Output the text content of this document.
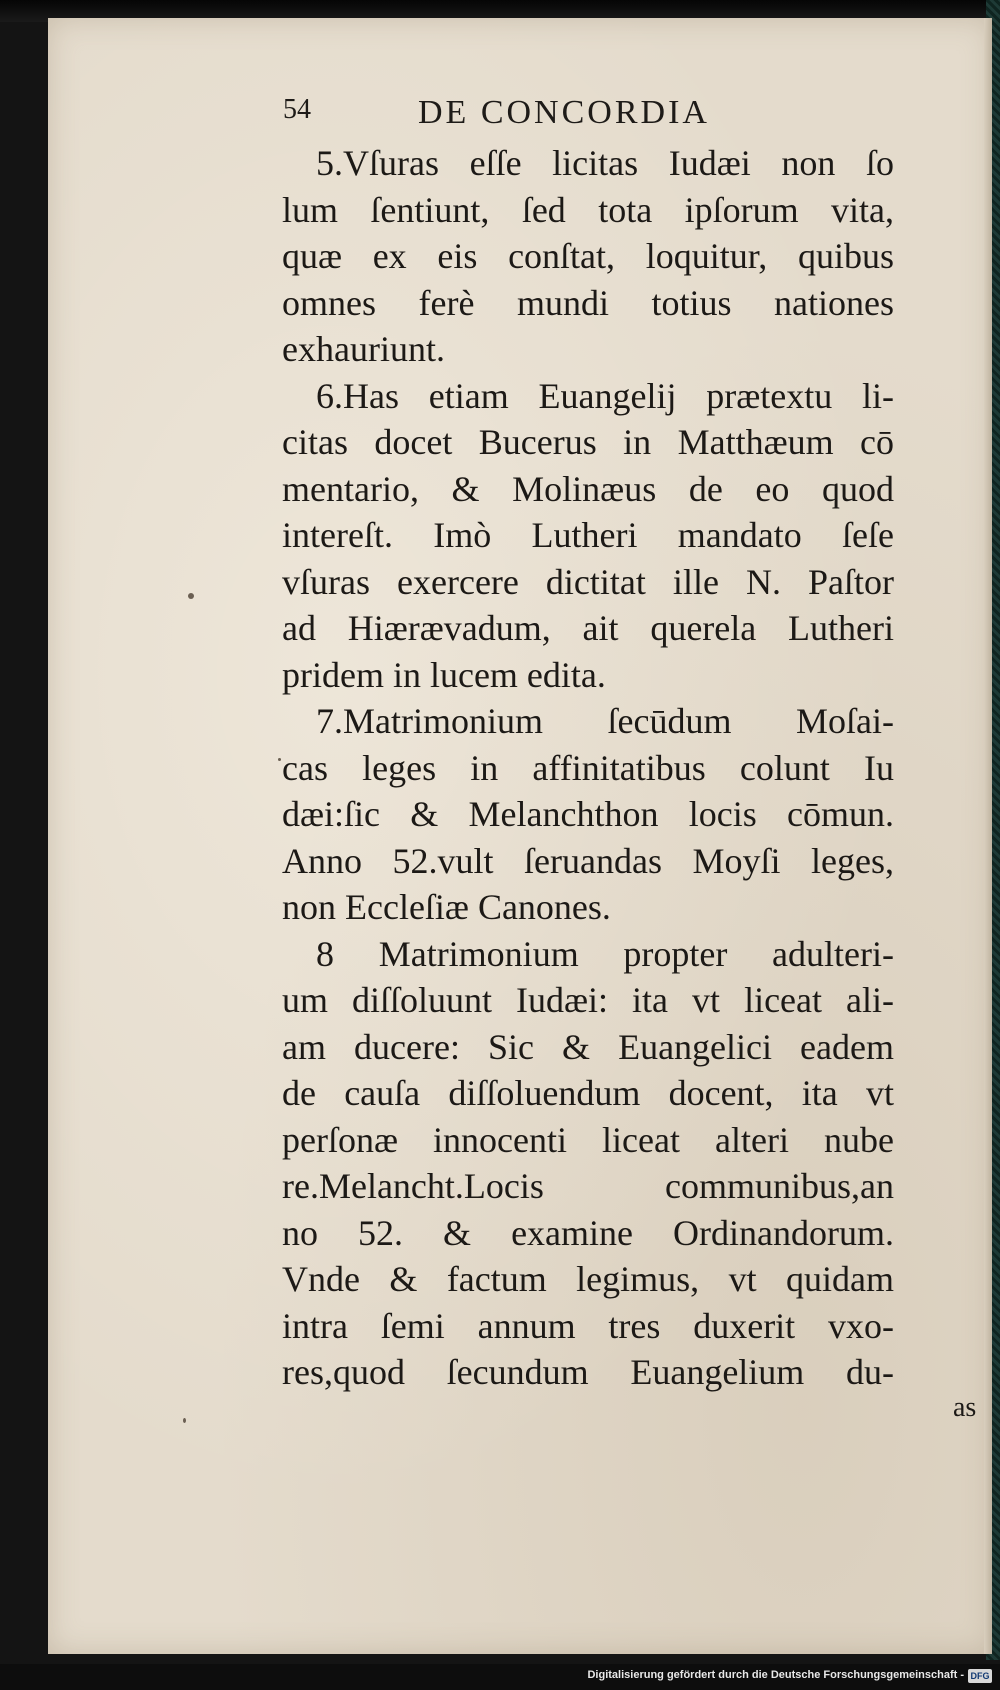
54	DE CONCORDIA
5.Vſuras eſſe licitas Iudæi non ſo
lum ſentiunt, ſed tota ipſorum vita,
quæ ex eis conſtat, loquitur, quibus
omnes ferè mundi totius nationes
exhauriunt.
6.Has etiam Euangelij prætextu li-
citas docet Bucerus in Matthæum cō
mentario, & Molinæus de eo quod
intereſt. Imò Lutheri mandato ſeſe
vſuras exercere dictitat ille N. Paſtor
ad Hiærævadum, ait querela Lutheri
pridem in lucem edita.
7.Matrimonium ſecūdum Moſai-
cas leges in affinitatibus colunt Iu
dæi:ſic & Melanchthon locis cōmun.
Anno 52.vult ſeruandas Moyſi leges,
non Eccleſiæ Canones.
8 Matrimonium propter adulteri-
um diſſoluunt Iudæi: ita vt liceat ali-
am ducere: Sic & Euangelici eadem
de cauſa diſſoluendum docent, ita vt
perſonæ innocenti liceat alteri nube
re.Melancht.Locis communibus,an
no 52. & examine Ordinandorum.
Vnde & factum legimus, vt quidam
intra ſemi annum tres duxerit vxo-
res,quod ſecundum Euangelium du-
as
Digitalisierung gefördert durch die Deutsche Forschungsgemeinschaft - DFG
